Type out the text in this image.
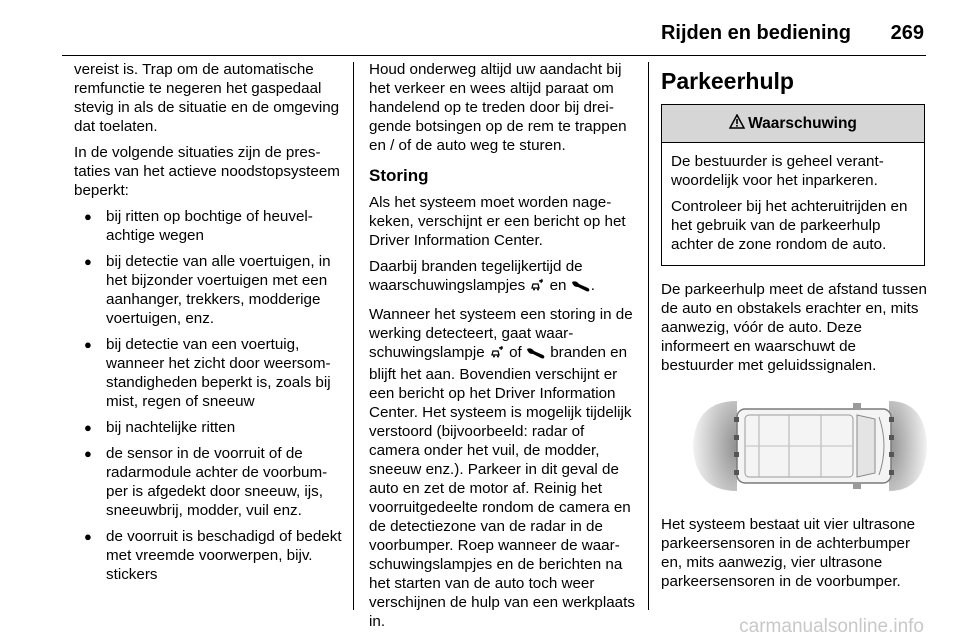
Rijden en bediening 269

vereist is. Trap om de automatische remfunctie te negeren het gaspedaal stevig in als de situatie en de omgeving dat toelaten.

In de volgende situaties zijn de prestaties van het actieve noodstopsysteem beperkt:

● bij ritten op bochtige of heuvelachtige wegen
● bij detectie van alle voertuigen, in het bijzonder voertuigen met een aanhanger, trekkers, modderige voertuigen, enz.
● bij detectie van een voertuig, wanneer het zicht door weersomstandigheden beperkt is, zoals bij mist, regen of sneeuw
● bij nachtelijke ritten
● de sensor in de voorruit of de radarmodule achter de voorbumper is afgedekt door sneeuw, ijs, sneeuwbrij, modder, vuil enz.
● de voorruit is beschadigd of bedekt met vreemde voorwerpen, bijv. stickers

Houd onderweg altijd uw aandacht bij het verkeer en wees altijd paraat om handelend op te treden door bij dreigende botsingen op de rem te trappen en / of de auto weg te sturen.

Storing

Als het systeem moet worden nagekeken, verschijnt er een bericht op het Driver Information Center.

Daarbij branden tegelijkertijd de waarschuwingslampjes  en .

Wanneer het systeem een storing in de werking detecteert, gaat waarschuwingslampje  of  branden en blijft het aan. Bovendien verschijnt er een bericht op het Driver Information Center. Het systeem is mogelijk tijdelijk verstoord (bijvoorbeeld: radar of camera onder het vuil, de modder, sneeuw enz.). Parkeer in dit geval de auto en zet de motor af. Reinig het voorruitgedeelte rondom de camera en de detectiezone van de radar in de voorbumper. Roep wanneer de waarschuwingslampjes en de berichten na het starten van de auto toch weer verschijnen de hulp van een werkplaats in.

Parkeerhulp
Waarschuwing

De bestuurder is geheel verantwoordelijk voor het inparkeren.

Controleer bij het achteruitrijden en het gebruik van de parkeerhulp achter de zone rondom de auto.

De parkeerhulp meet de afstand tussen de auto en obstakels erachter en, mits aanwezig, vóór de auto. Deze informeert en waarschuwt de bestuurder met geluidssignalen.

Het systeem bestaat uit vier ultrasone parkeersensoren in de achterbumper en, mits aanwezig, vier ultrasone parkeersensoren in de voorbumper.

carmanualsonline.info
